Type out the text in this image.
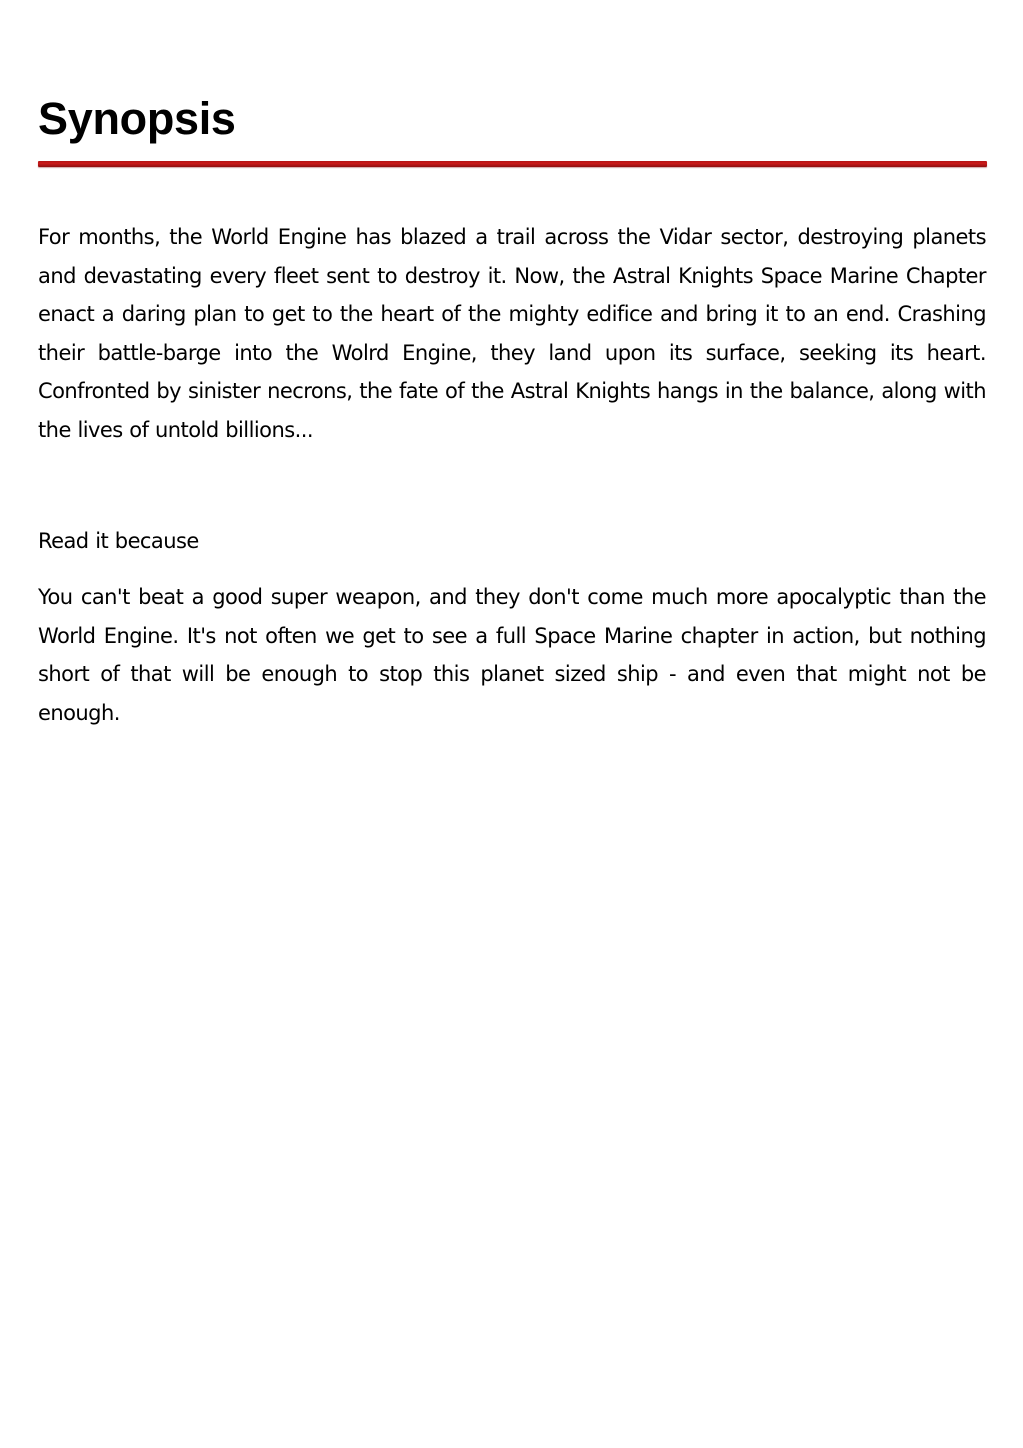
Synopsis

For months, the World Engine has blazed a trail across the Vidar sector, destroying planets and devastating every fleet sent to destroy it. Now, the Astral Knights Space Marine Chapter enact a daring plan to get to the heart of the mighty edifice and bring it to an end. Crashing their battle-barge into the Wolrd Engine, they land upon its surface, seeking its heart. Confronted by sinister necrons, the fate of the Astral Knights hangs in the balance, along with the lives of untold billions...

Read it because

You can't beat a good super weapon, and they don't come much more apocalyptic than the World Engine. It's not often we get to see a full Space Marine chapter in action, but nothing short of that will be enough to stop this planet sized ship - and even that might not be enough.
